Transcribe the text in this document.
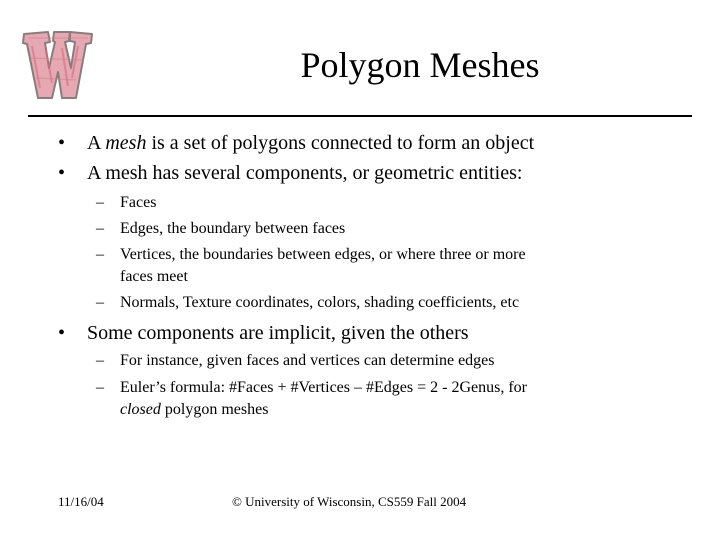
Polygon Meshes
• A mesh is a set of polygons connected to form an object
• A mesh has several components, or geometric entities:
– Faces
– Edges, the boundary between faces
– Vertices, the boundaries between edges, or where three or more
faces meet
– Normals, Texture coordinates, colors, shading coefficients, etc
• Some components are implicit, given the others
– For instance, given faces and vertices can determine edges
– Euler’s formula: #Faces + #Vertices – #Edges = 2 - 2Genus, for
closed polygon meshes
11/16/04	© University of Wisconsin, CS559 Fall 2004
